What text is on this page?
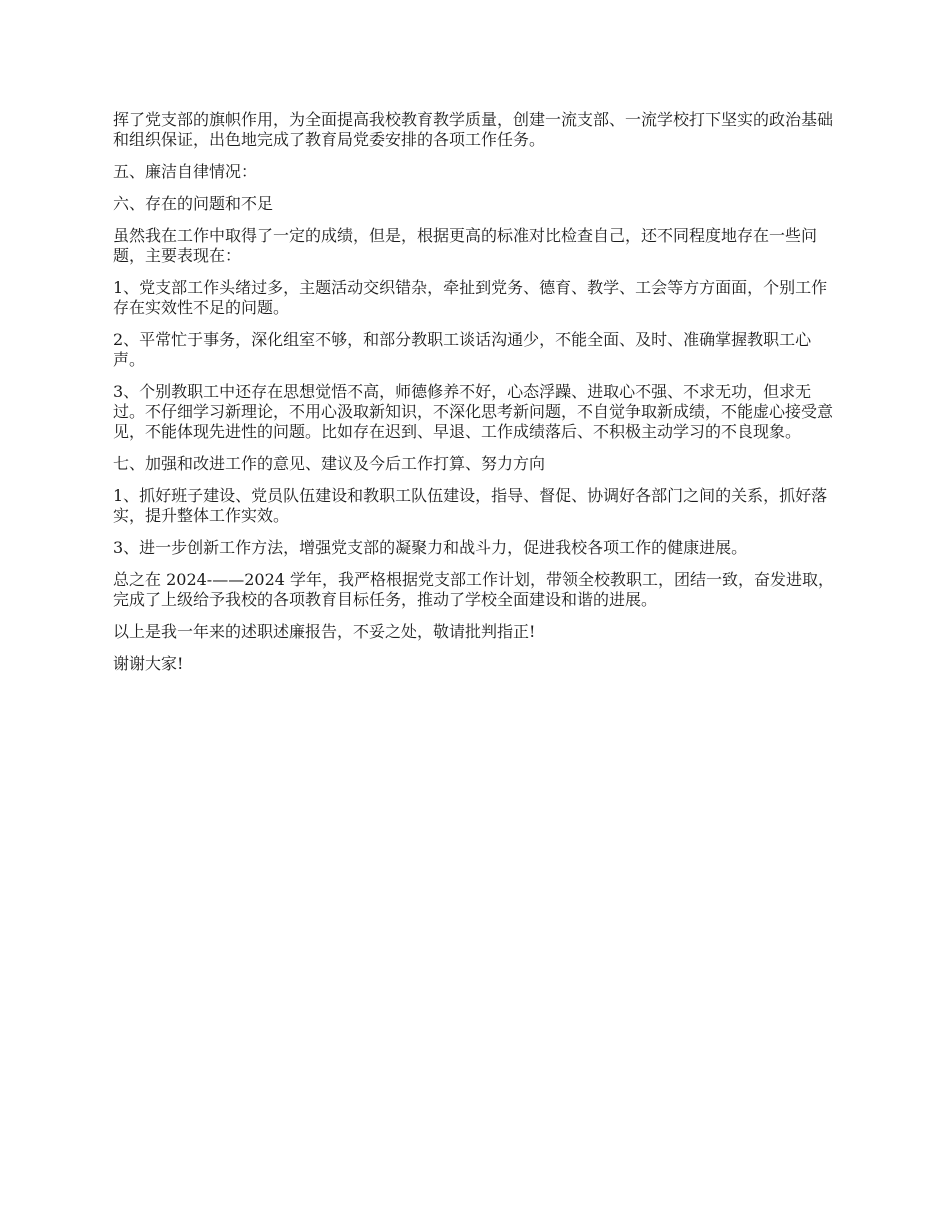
挥了党支部的旗帜作用，为全面提高我校教育教学质量，创建一流支部、一流学校打下坚实的政治基础和组织保证，出色地完成了教育局党委安排的各项工作任务。

五、廉洁自律情况：

六、存在的问题和不足

虽然我在工作中取得了一定的成绩，但是，根据更高的标准对比检查自己，还不同程度地存在一些问题，主要表现在：

1、党支部工作头绪过多，主题活动交织错杂，牵扯到党务、德育、教学、工会等方方面面，个别工作存在实效性不足的问题。

2、平常忙于事务，深化组室不够，和部分教职工谈话沟通少，不能全面、及时、准确掌握教职工心声。

3、个别教职工中还存在思想觉悟不高，师德修养不好，心态浮躁、进取心不强、不求无功，但求无过。不仔细学习新理论，不用心汲取新知识，不深化思考新问题，不自觉争取新成绩，不能虚心接受意见，不能体现先进性的问题。比如存在迟到、早退、工作成绩落后、不积极主动学习的不良现象。

七、加强和改进工作的意见、建议及今后工作打算、努力方向

1、抓好班子建设、党员队伍建设和教职工队伍建设，指导、督促、协调好各部门之间的关系，抓好落实，提升整体工作实效。

3、进一步创新工作方法，增强党支部的凝聚力和战斗力，促进我校各项工作的健康进展。

总之在 2024-——2024 学年，我严格根据党支部工作计划，带领全校教职工，团结一致，奋发进取，完成了上级给予我校的各项教育目标任务，推动了学校全面建设和谐的进展。

以上是我一年来的述职述廉报告，不妥之处，敬请批判指正!

谢谢大家!
